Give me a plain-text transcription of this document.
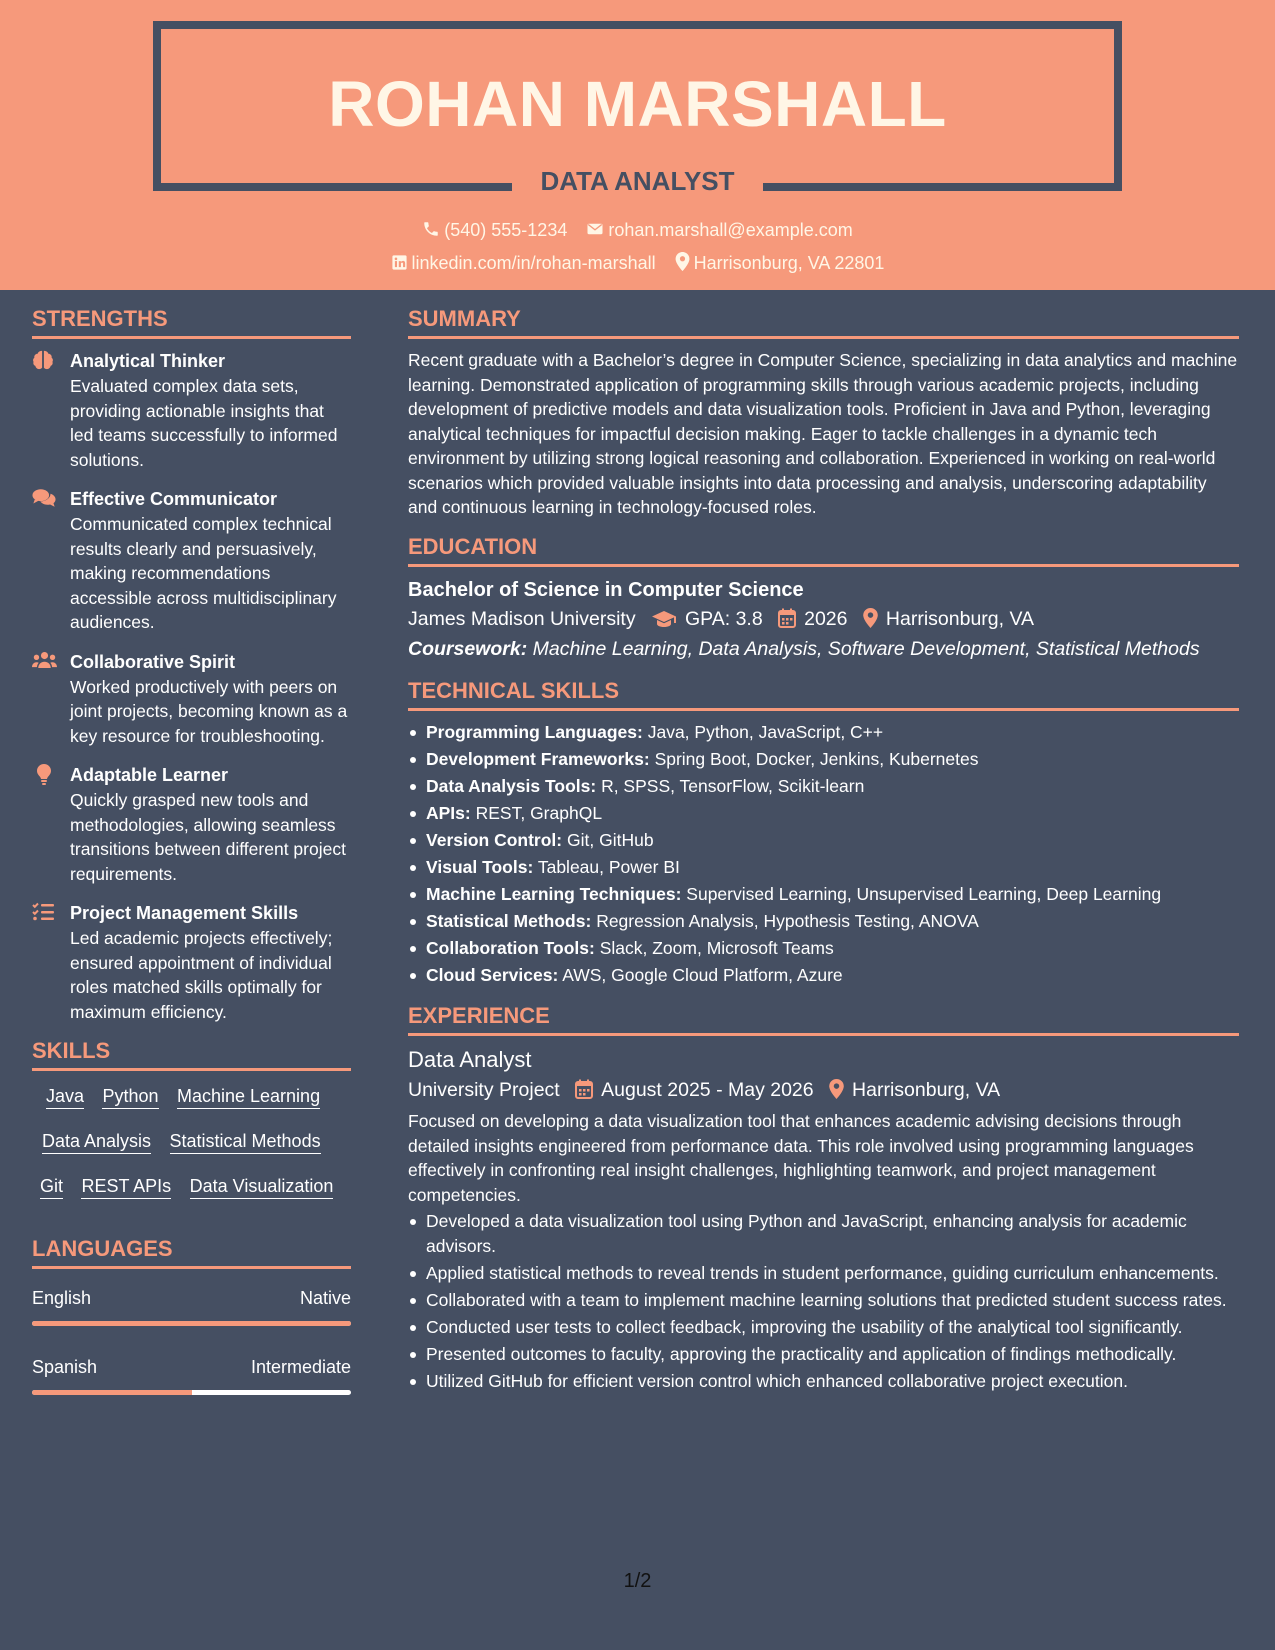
ROHAN MARSHALL
DATA ANALYST
(540) 555-1234 rohan.marshall@example.com
linkedin.com/in/rohan-marshall Harrisonburg, VA 22801
STRENGTHS
Analytical Thinker
Evaluated complex data sets, providing actionable insights that led teams successfully to informed solutions.
Effective Communicator
Communicated complex technical results clearly and persuasively, making recommendations accessible across multidisciplinary audiences.
Collaborative Spirit
Worked productively with peers on joint projects, becoming known as a key resource for troubleshooting.
Adaptable Learner
Quickly grasped new tools and methodologies, allowing seamless transitions between different project requirements.
Project Management Skills
Led academic projects effectively; ensured appointment of individual roles matched skills optimally for maximum efficiency.
SKILLS
Java Python Machine Learning
Data Analysis Statistical Methods
Git REST APIs Data Visualization
LANGUAGES
English	Native
Spanish	Intermediate
SUMMARY
Recent graduate with a Bachelor’s degree in Computer Science, specializing in data analytics and machine learning. Demonstrated application of programming skills through various academic projects, including development of predictive models and data visualization tools. Proficient in Java and Python, leveraging analytical techniques for impactful decision making. Eager to tackle challenges in a dynamic tech environment by utilizing strong logical reasoning and collaboration. Experienced in working on real-world scenarios which provided valuable insights into data processing and analysis, underscoring adaptability and continuous learning in technology-focused roles.
EDUCATION
Bachelor of Science in Computer Science
James Madison University	GPA: 3.8 2026 Harrisonburg, VA
Coursework: Machine Learning, Data Analysis, Software Development, Statistical Methods
TECHNICAL SKILLS
Programming Languages: Java, Python, JavaScript, C++
Development Frameworks: Spring Boot, Docker, Jenkins, Kubernetes
Data Analysis Tools: R, SPSS, TensorFlow, Scikit-learn
APIs: REST, GraphQL
Version Control: Git, GitHub
Visual Tools: Tableau, Power BI
Machine Learning Techniques: Supervised Learning, Unsupervised Learning, Deep Learning
Statistical Methods: Regression Analysis, Hypothesis Testing, ANOVA
Collaboration Tools: Slack, Zoom, Microsoft Teams
Cloud Services: AWS, Google Cloud Platform, Azure
EXPERIENCE
Data Analyst
University Project August 2025 - May 2026 Harrisonburg, VA
Focused on developing a data visualization tool that enhances academic advising decisions through detailed insights engineered from performance data. This role involved using programming languages effectively in confronting real insight challenges, highlighting teamwork, and project management competencies.
Developed a data visualization tool using Python and JavaScript, enhancing analysis for academic advisors.
Applied statistical methods to reveal trends in student performance, guiding curriculum enhancements.
Collaborated with a team to implement machine learning solutions that predicted student success rates.
Conducted user tests to collect feedback, improving the usability of the analytical tool significantly.
Presented outcomes to faculty, approving the practicality and application of findings methodically.
Utilized GitHub for efficient version control which enhanced collaborative project execution.
1/2
